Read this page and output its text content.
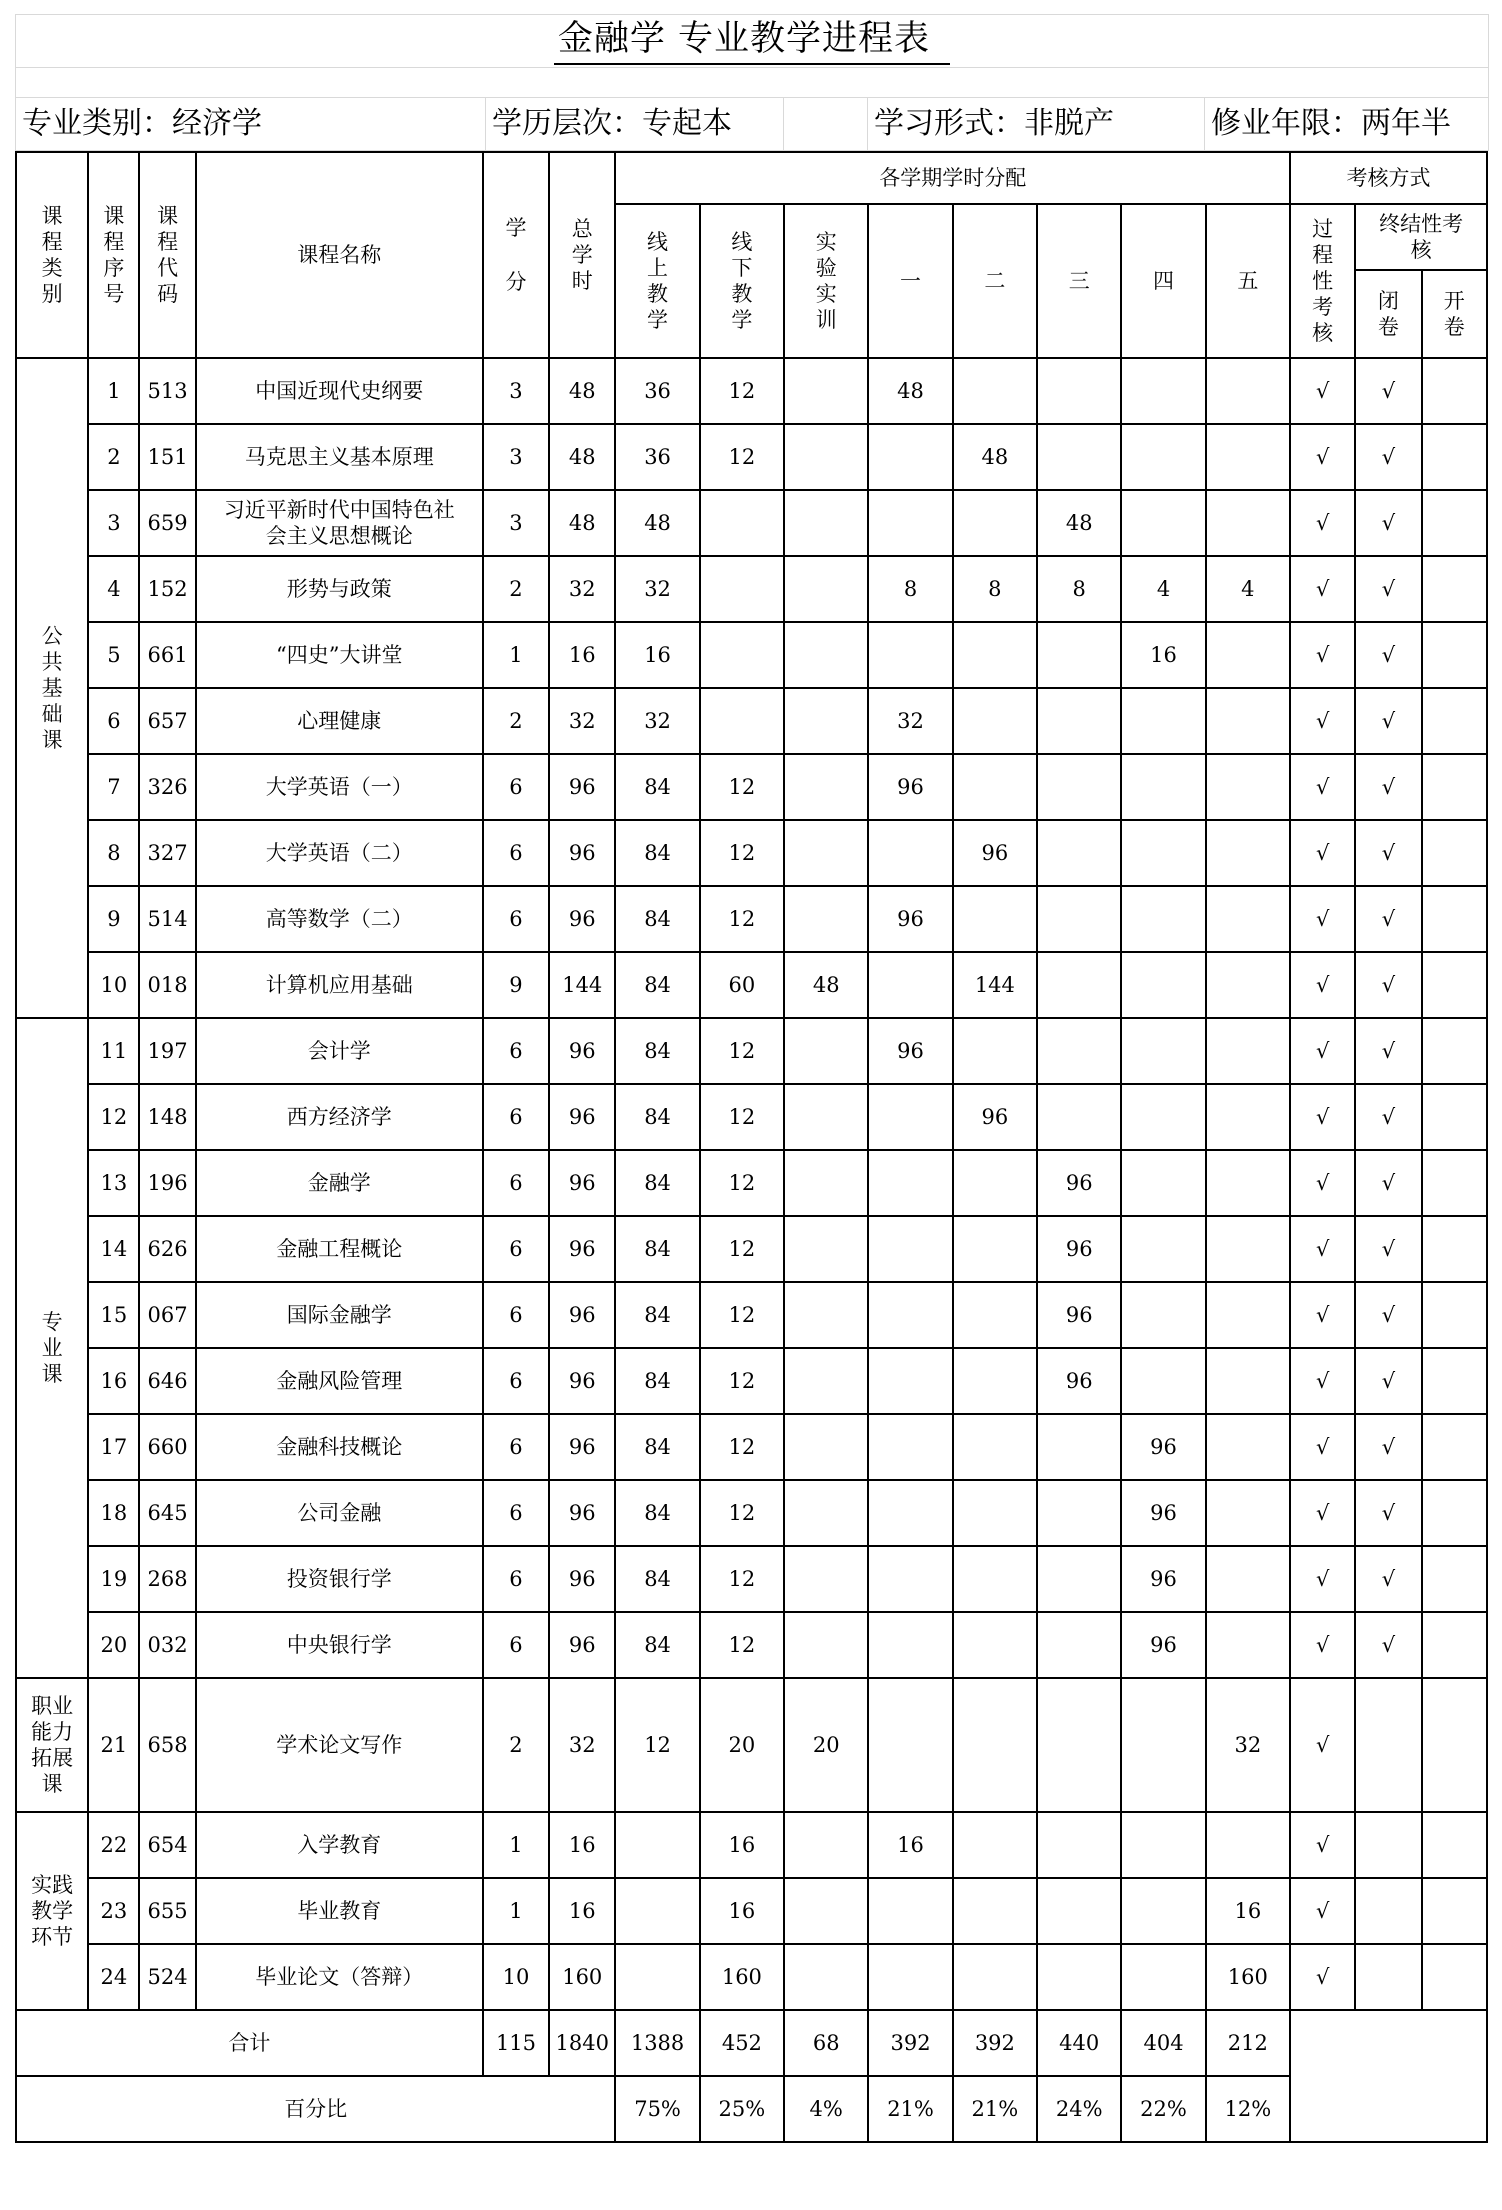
金融学 专业教学进程表
专业类别：经济学	学历层次：专起本	学习形式：非脱产	修业年限：两年半
课程类别	课程序号	课程代码	课程名称	学分	总学时	各学期学时分配								考核方式		
						线上教学	线下教学	实验实训	一	二	三	四	五	过程性考核	终结性考核	
															闭卷	开卷
公共基础课	1	513	中国近现代史纲要	3	48	36	12		48					√	√	
	2	151	马克思主义基本原理	3	48	36	12			48				√	√	
	3	659	习近平新时代中国特色社会主义思想概论	3	48	48					48			√	√	
	4	152	形势与政策	2	32	32			8	8	8	4	4	√	√	
	5	661	“四史”大讲堂	1	16	16						16		√	√	
	6	657	心理健康	2	32	32			32					√	√	
	7	326	大学英语（一）	6	96	84	12		96					√	√	
	8	327	大学英语（二）	6	96	84	12			96				√	√	
	9	514	高等数学（二）	6	96	84	12		96					√	√	
	10	018	计算机应用基础	9	144	84	60	48		144				√	√	
专业课	11	197	会计学	6	96	84	12		96					√	√	
	12	148	西方经济学	6	96	84	12			96				√	√	
	13	196	金融学	6	96	84	12				96			√	√	
	14	626	金融工程概论	6	96	84	12				96			√	√	
	15	067	国际金融学	6	96	84	12				96			√	√	
	16	646	金融风险管理	6	96	84	12				96			√	√	
	17	660	金融科技概论	6	96	84	12					96		√	√	
	18	645	公司金融	6	96	84	12					96		√	√	
	19	268	投资银行学	6	96	84	12					96		√	√	
	20	032	中央银行学	6	96	84	12					96		√	√	
职业能力拓展课	21	658	学术论文写作	2	32	12	20	20					32	√		
实践教学环节	22	654	入学教育	1	16		16		16					√		
	23	655	毕业教育	1	16		16						16	√		
	24	524	毕业论文（答辩）	10	160		160						160	√		
合计				115	1840	1388	452	68	392	392	440	404	212			
百分比						75%	25%	4%	21%	21%	24%	22%	12%			
